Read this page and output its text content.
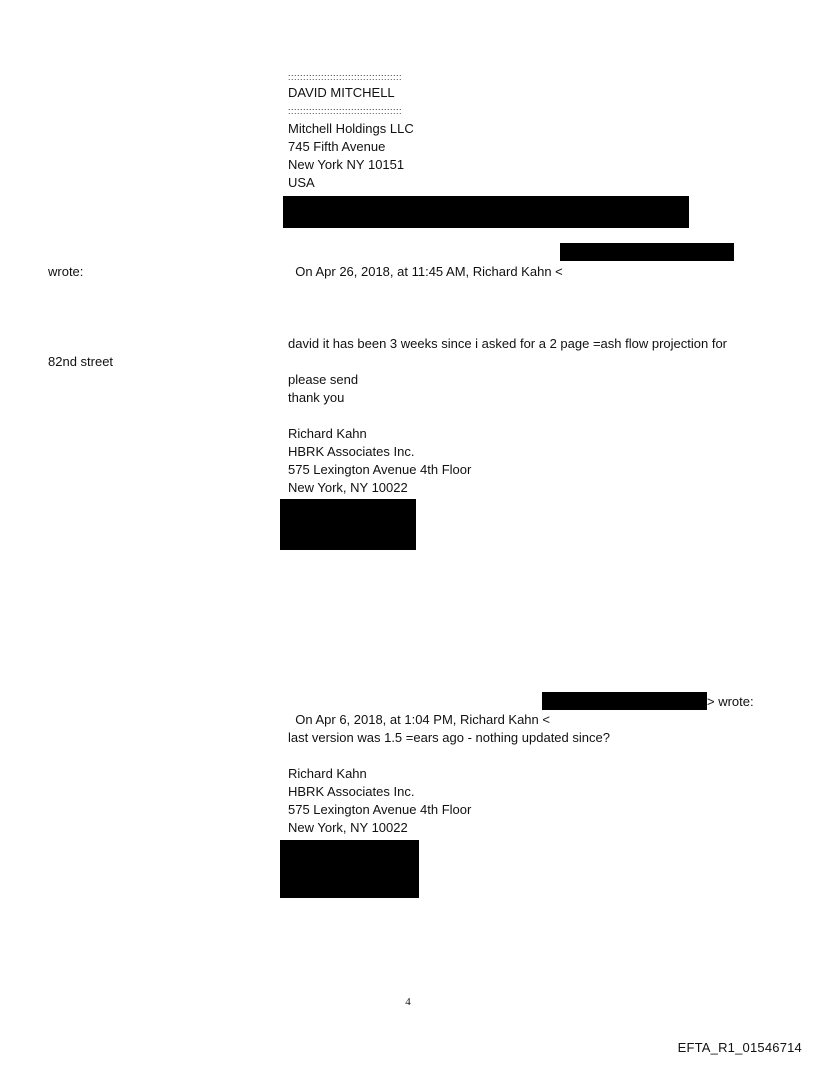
::::::::::::::::::::::::::::::::::::::
DAVID MITCHELL
::::::::::::::::::::::::::::::::::::::
Mitchell Holdings LLC
745 Fifth Avenue
New York NY 10151
USA

On Apr 26, 2018, at 11:45 AM, Richard Kahn <

wrote:
david it has been 3 weeks since i asked for a 2 page =ash flow projection for
82nd street
please send
thank you
Richard Kahn
HBRK Associates Inc.
575 Lexington Avenue 4th Floor
New York, NY 10022

On Apr 6, 2018, at 1:04 PM, Richard Kahn <

> wrote:
last version was 1.5 =ears ago - nothing updated since?
Richard Kahn
HBRK Associates Inc.
575 Lexington Avenue 4th Floor
New York, NY 10022
4
EFTA_R1_01546714
